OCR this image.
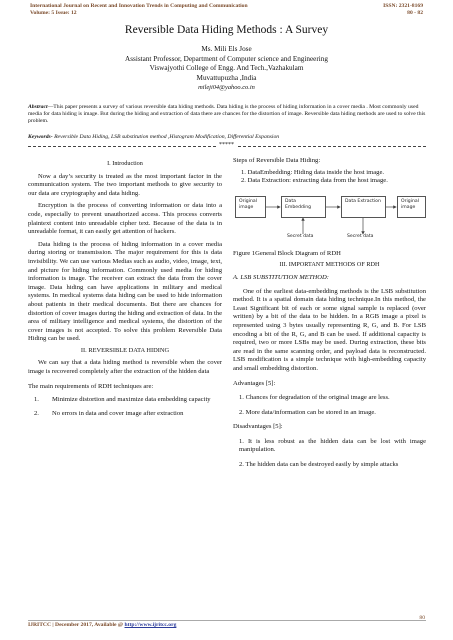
International Journal on Recent and Innovation Trends in Computing and Communication
Volume: 5 Issue: 12
ISSN: 2321-8169
80 - 82
Reversible Data Hiding Methods : A Survey
Ms. Mili Els Jose
Assistant Professor, Department of Computer science and Engineering
Viswajyothi College of Engg. And Tech.,Vazhakulam
Muvattupuzha ,India
mileji04@yahoo.co.in
Abstract—This paper presents a survey of various reversible data hiding methods. Data hiding is the process of hiding information in a cover media . Most commonly used media for data hiding is image. But during the hiding and extraction of data there are chances for the distortion of image. Reversible data hiding methods are used to solve this problem.
Keywords- Reversible Data Hiding, LSB substitution method ,Histogram Modification, Differential Expansion
*****

I. Introduction

Now a day’s security is treated as the most important factor in the communication system. The two important methods to give security to our data are cryptography and data hiding.

Encryption is the process of converting information or data into a code, especially to prevent unauthorized access. This process converts plaintext content into unreadable cipher text. Because of the data is in unreadable format, it can easily get attention of hackers.

Data hiding is the process of hiding information in a cover media during storing or transmission. The major requirement for this is data invisibility. We can use various Medias such as audio, video, image, text, and picture for hiding information. Commonly used media for hiding information is image. The receiver can extract the data from the cover image. Data hiding can have applications in military and medical systems. In medical systems data hiding can be used to hide information about patients in their medical documents. But there are chances for distortion of cover images during the hiding and extraction of data. In the area of military intelligence and medical systems, the distortion of the cover images is not accepted. To solve this problem Reversible Data Hiding can be used.

II. REVERSIBLE DATA HIDING

We can say that a data hiding method is reversible when the cover image is recovered completely after the extraction of the hidden data

The main requirements of RDH techniques are:

1.	Minimize distortion and maximize data embedding capacity
2.	No errors in data and cover image after extraction

Steps of Reversible Data Hiding:

1. DataEmbedding: Hiding data inside the host image.

2. Data Extraction: extracting data from the host image.

Original image
Data Embedding
Data Extraction	Original image
Secret data	Secret data

Figure 1General Block Diagram of RDH

III. IMPORTANT METHODS OF RDH

A. LSB SUBSTITUTION METHOD:

One of the earliest data-embedding methods is the LSB substitution method. It is a spatial domain data hiding technique.In this method, the Least Significant bit of each or some signal sample is replaced (over written) by a bit of the data to be hidden. In a RGB image a pixel is represented using 3 bytes usually representing R, G, and B. For LSB encoding a bit of the R, G, and B can be used. If additional capacity is required, two or more LSBs may be used. During extraction, these bits are read in the same scanning order, and payload data is reconstructed. LSB modification is a simple technique with high-embedding capacity and small embedding distortion.

Advantages [5]:

1. Chances for degradation of the original image are less.

2. More data/information can be stored in an image.

Disadvantages [5]:

1. It is less robust as the hidden data can be lost with image manipulation.

2. The hidden data can be destroyed easily by simple attacks

80
IJRITCC | December 2017, Available @ http://www.ijritcc.org
